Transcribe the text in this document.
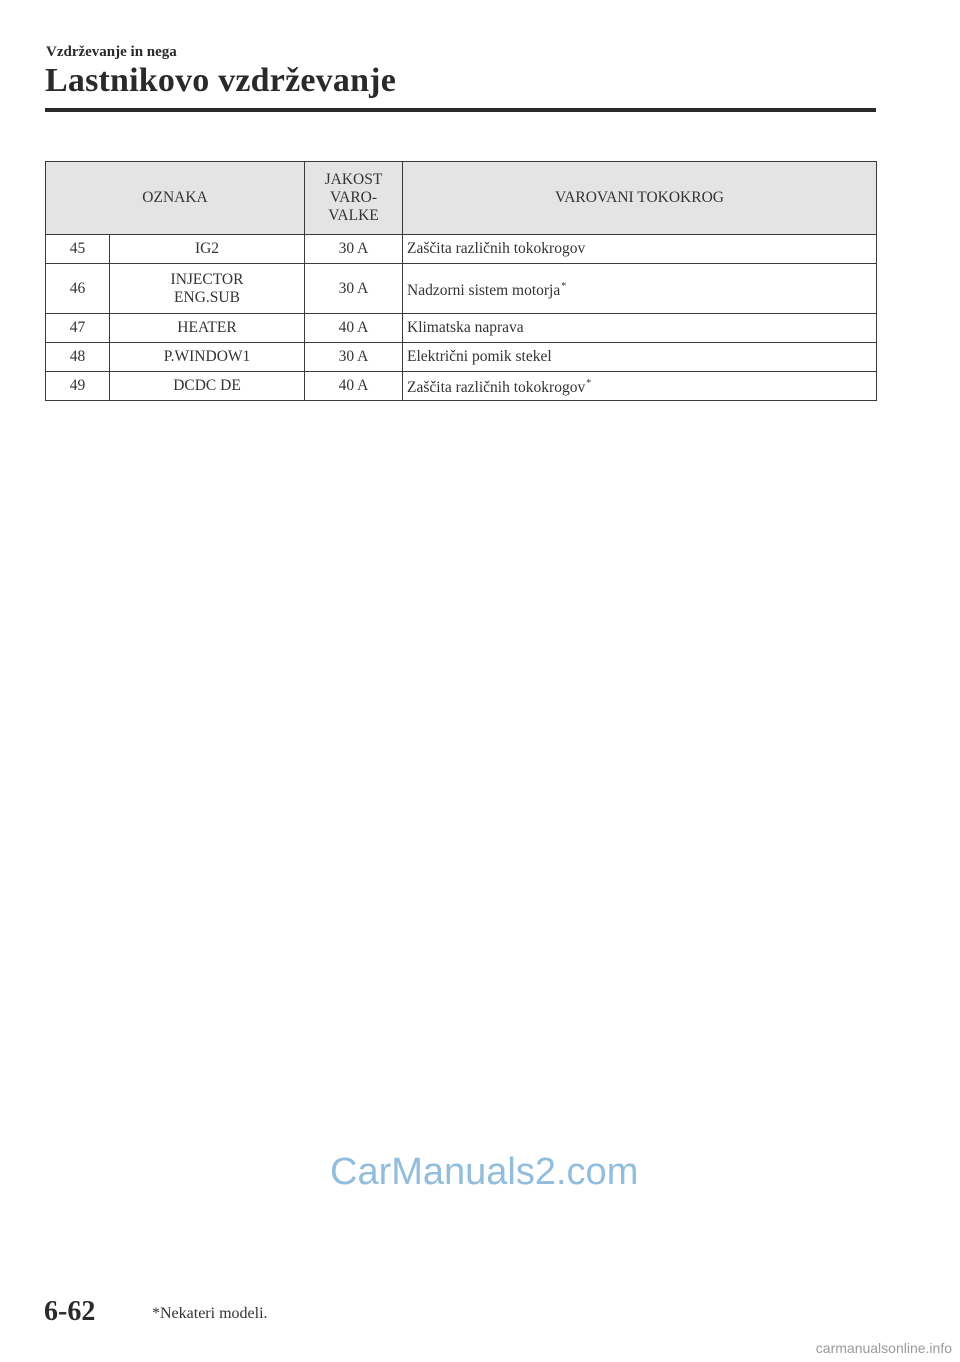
Vzdrževanje in nega
Lastnikovo vzdrževanje
OZNAKA		JAKOST
VARO-
VALKE	VAROVANI TOKOKROG
45	IG2	30 A	Zaščita različnih tokokrogov
46	INJECTOR
ENG.SUB	30 A	Nadzorni sistem motorja*
47	HEATER	40 A	Klimatska naprava
48	P.WINDOW1	30 A	Električni pomik stekel
49	DCDC DE	40 A	Zaščita različnih tokokrogov*
CarManuals2.com
6-62	*Nekateri modeli.
carmanualsonline.info
